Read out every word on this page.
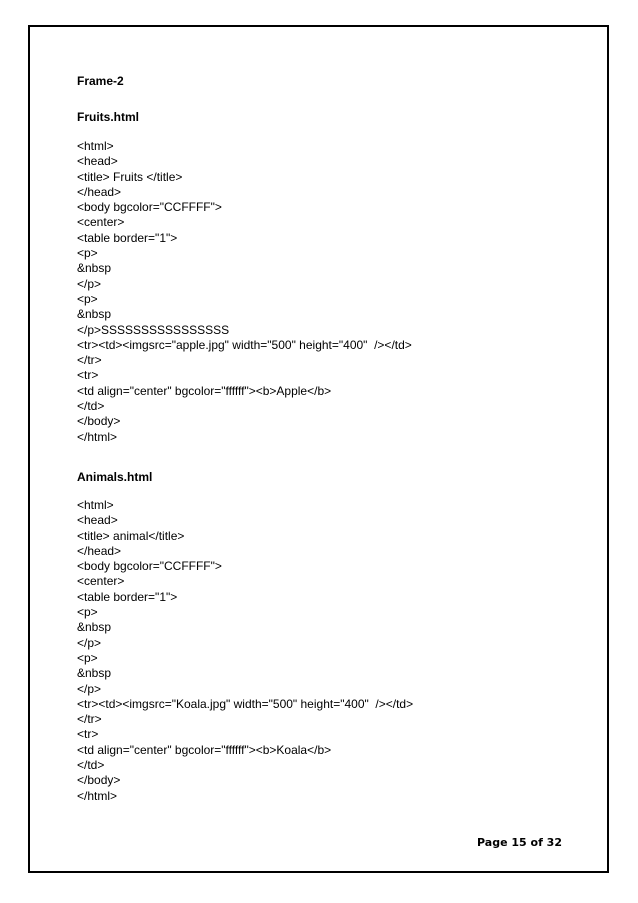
Frame-2

Fruits.html

<html>

<head>

<title> Fruits </title>

</head>

<body bgcolor="CCFFFF">

<center>

<table border="1">

<p>

&nbsp

</p>

<p>

&nbsp

</p>SSSSSSSSSSSSSSSS

<tr><td><imgsrc="apple.jpg" width="500" height="400"  /></td>

</tr>

<tr>

<td align="center" bgcolor="ffffff"><b>Apple</b>

</td>

</body>

</html>

Animals.html

<html>

<head>

<title> animal</title>

</head>

<body bgcolor="CCFFFF">

<center>

<table border="1">

<p>

&nbsp

</p>

<p>

&nbsp

</p>

<tr><td><imgsrc="Koala.jpg" width="500" height="400"  /></td>

</tr>

<tr>

<td align="center" bgcolor="ffffff"><b>Koala</b>

</td>

</body>

</html>

Page 15 of 32
